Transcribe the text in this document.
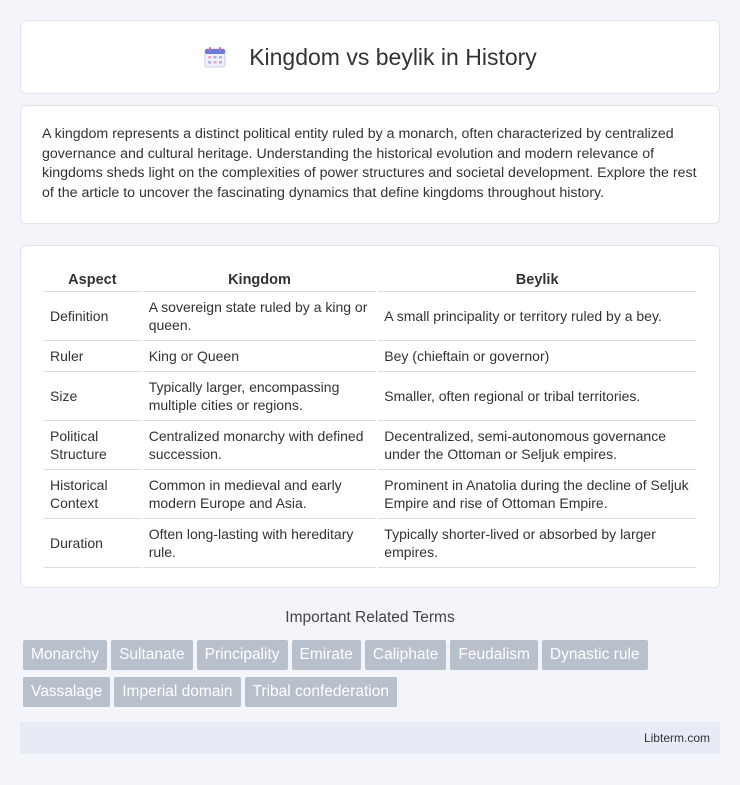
Kingdom vs beylik in History

A kingdom represents a distinct political entity ruled by a monarch, often characterized by centralized governance and cultural heritage. Understanding the historical evolution and modern relevance of kingdoms sheds light on the complexities of power structures and societal development. Explore the rest of the article to uncover the fascinating dynamics that define kingdoms throughout history.

Aspect	Kingdom	Beylik
Definition	A sovereign state ruled by a king or queen.	A small principality or territory ruled by a bey.
Ruler	King or Queen	Bey (chieftain or governor)
Size	Typically larger, encompassing multiple cities or regions.	Smaller, often regional or tribal territories.
Political Structure	Centralized monarchy with defined succession.	Decentralized, semi-autonomous governance under the Ottoman or Seljuk empires.
Historical Context	Common in medieval and early modern Europe and Asia.	Prominent in Anatolia during the decline of Seljuk Empire and rise of Ottoman Empire.
Duration	Often long-lasting with hereditary rule.	Typically shorter-lived or absorbed by larger empires.
Important Related Terms
Monarchy Sultanate Principality Emirate Caliphate Feudalism Dynastic rule
Vassalage Imperial domain Tribal confederation
Libterm.com
